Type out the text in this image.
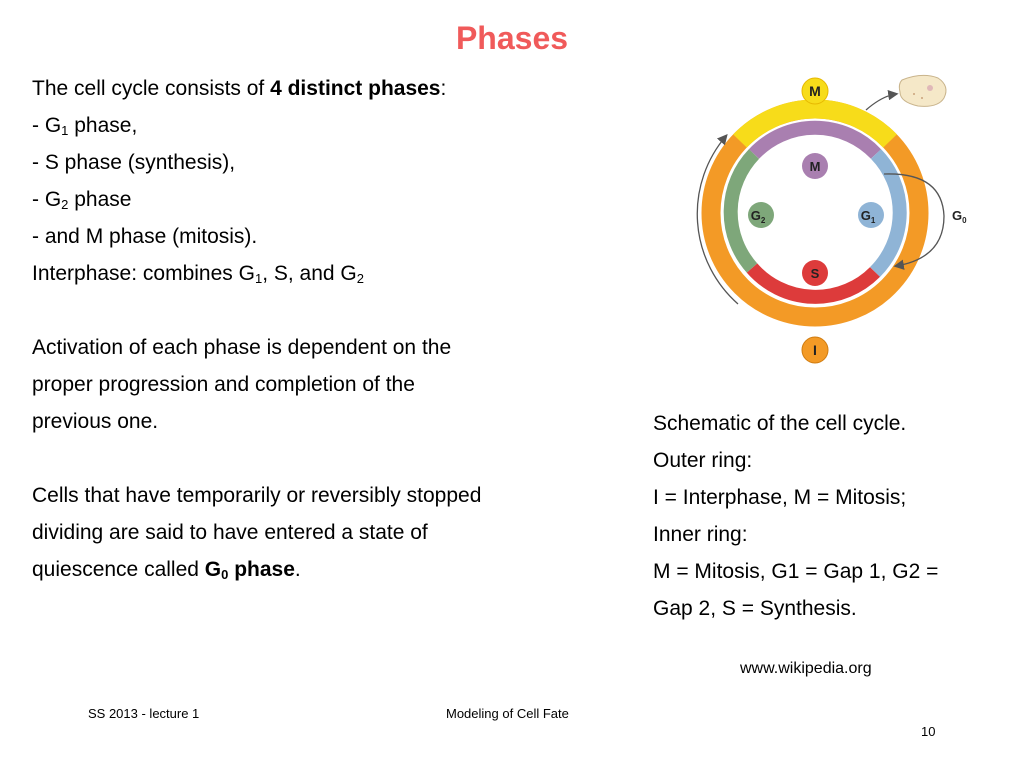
Phases

The cell cycle consists of 4 distinct phases:

- $G_1$ phase,

- S phase (synthesis),

- $G_2$ phase

- and M phase (mitosis).

Interphase: combines $G_1$, S, and $G_2$

Activation of each phase is dependent on the

proper progression and completion of the

previous one.

Cells that have temporarily or reversibly stopped

dividing are said to have entered a state of

quiescence called $G_0$ phase.

M
I
M
$G_1$
$G_2$
S
$G_0$

Schematic of the cell cycle.

Outer ring:

I = Interphase, M = Mitosis;

Inner ring:

M = Mitosis, G1 = Gap 1, G2 =

Gap 2, S = Synthesis.

www.wikipedia.org
SS 2013 - lecture 1	Modeling of Cell Fate
10
